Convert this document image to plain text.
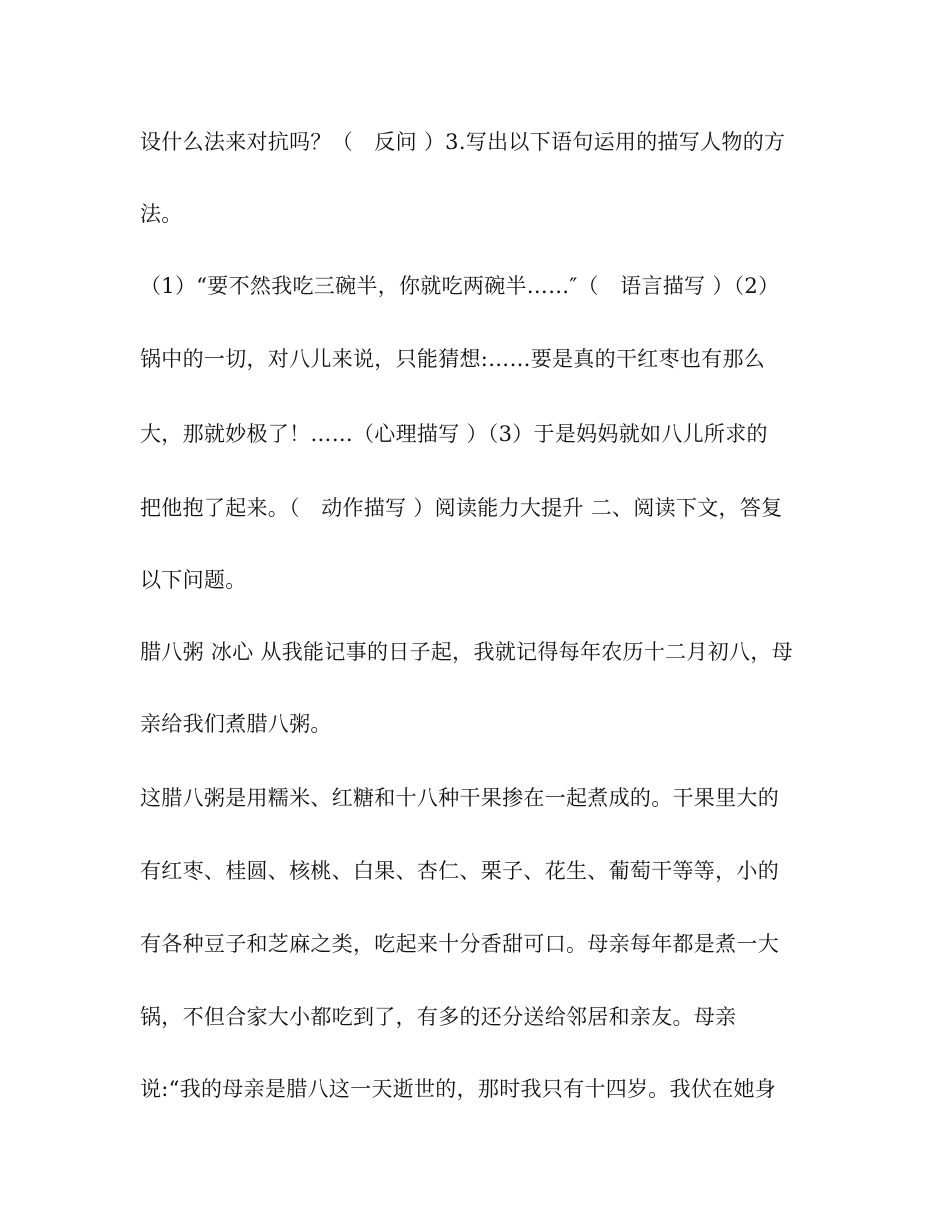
设什么法来对抗吗？（　反问 ）3.写出以下语句运用的描写人物的方
法。
（1）“要不然我吃三碗半，你就吃两碗半……″（　语言描写 ）（2）
锅中的一切，对八儿来说，只能猜想:……要是真的干红枣也有那么
大，那就妙极了！……（心理描写 ）（3）于是妈妈就如八儿所求的
把他抱了起来。（　动作描写 ）阅读能力大提升 二、阅读下文，答复
以下问题。
腊八粥 冰心 从我能记事的日子起，我就记得每年农历十二月初八，母
亲给我们煮腊八粥。
这腊八粥是用糯米、红糖和十八种干果掺在一起煮成的。干果里大的
有红枣、桂圆、核桃、白果、杏仁、栗子、花生、葡萄干等等，小的
有各种豆子和芝麻之类，吃起来十分香甜可口。母亲每年都是煮一大
锅，不但合家大小都吃到了，有多的还分送给邻居和亲友。母亲
说:“我的母亲是腊八这一天逝世的，那时我只有十四岁。我伏在她身
